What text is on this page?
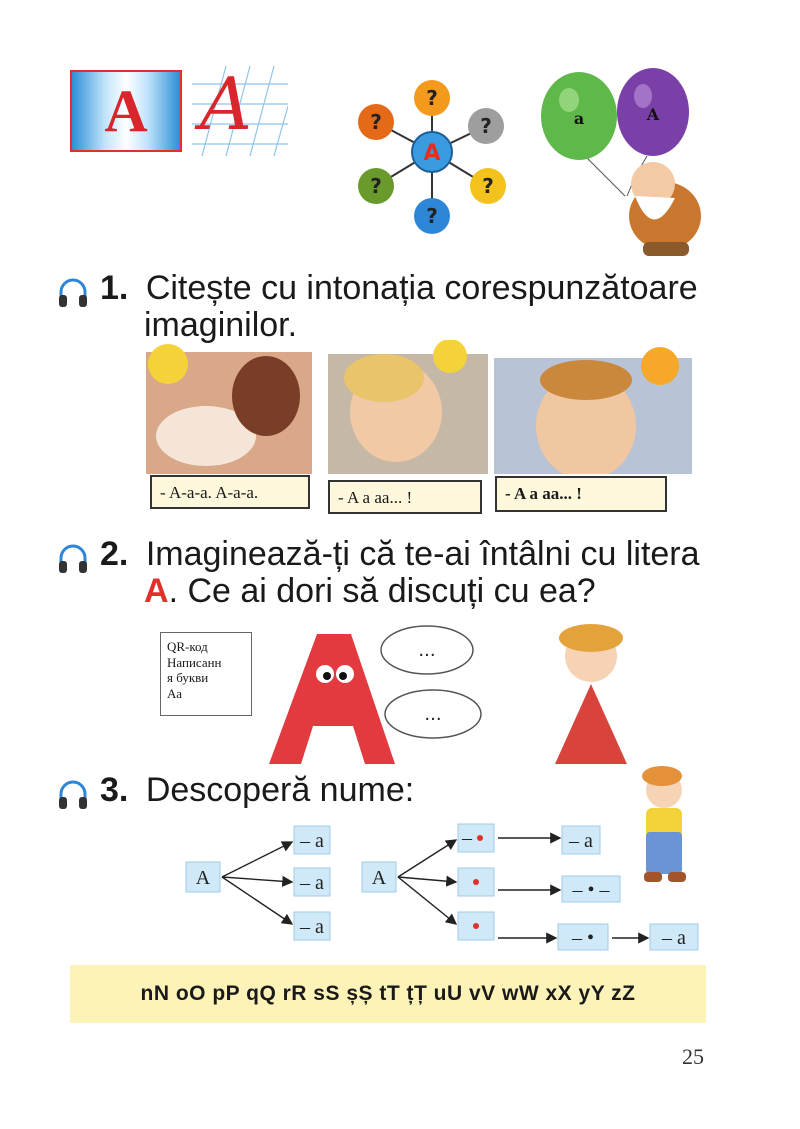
A A	?
?	?
?	?
?
A
a	A
1. Citește cu intonația corespunzătoare
imaginilor.
- A-a-a. A-a-a.	- A a aa... !	- A a aa... !
2. Imaginează-ți că te-ai întâlni cu litera
A. Ce ai dori să discuți cu ea?
QR-код
Написанн
я букви
Аа
...
...
3. Descoperă nume:
A
– a
– a
– a
A
– a
– • –
– •	– a
–
nN oO pP qQ rR sS șȘ tT țȚ uU vV wW xX yY zZ
25
